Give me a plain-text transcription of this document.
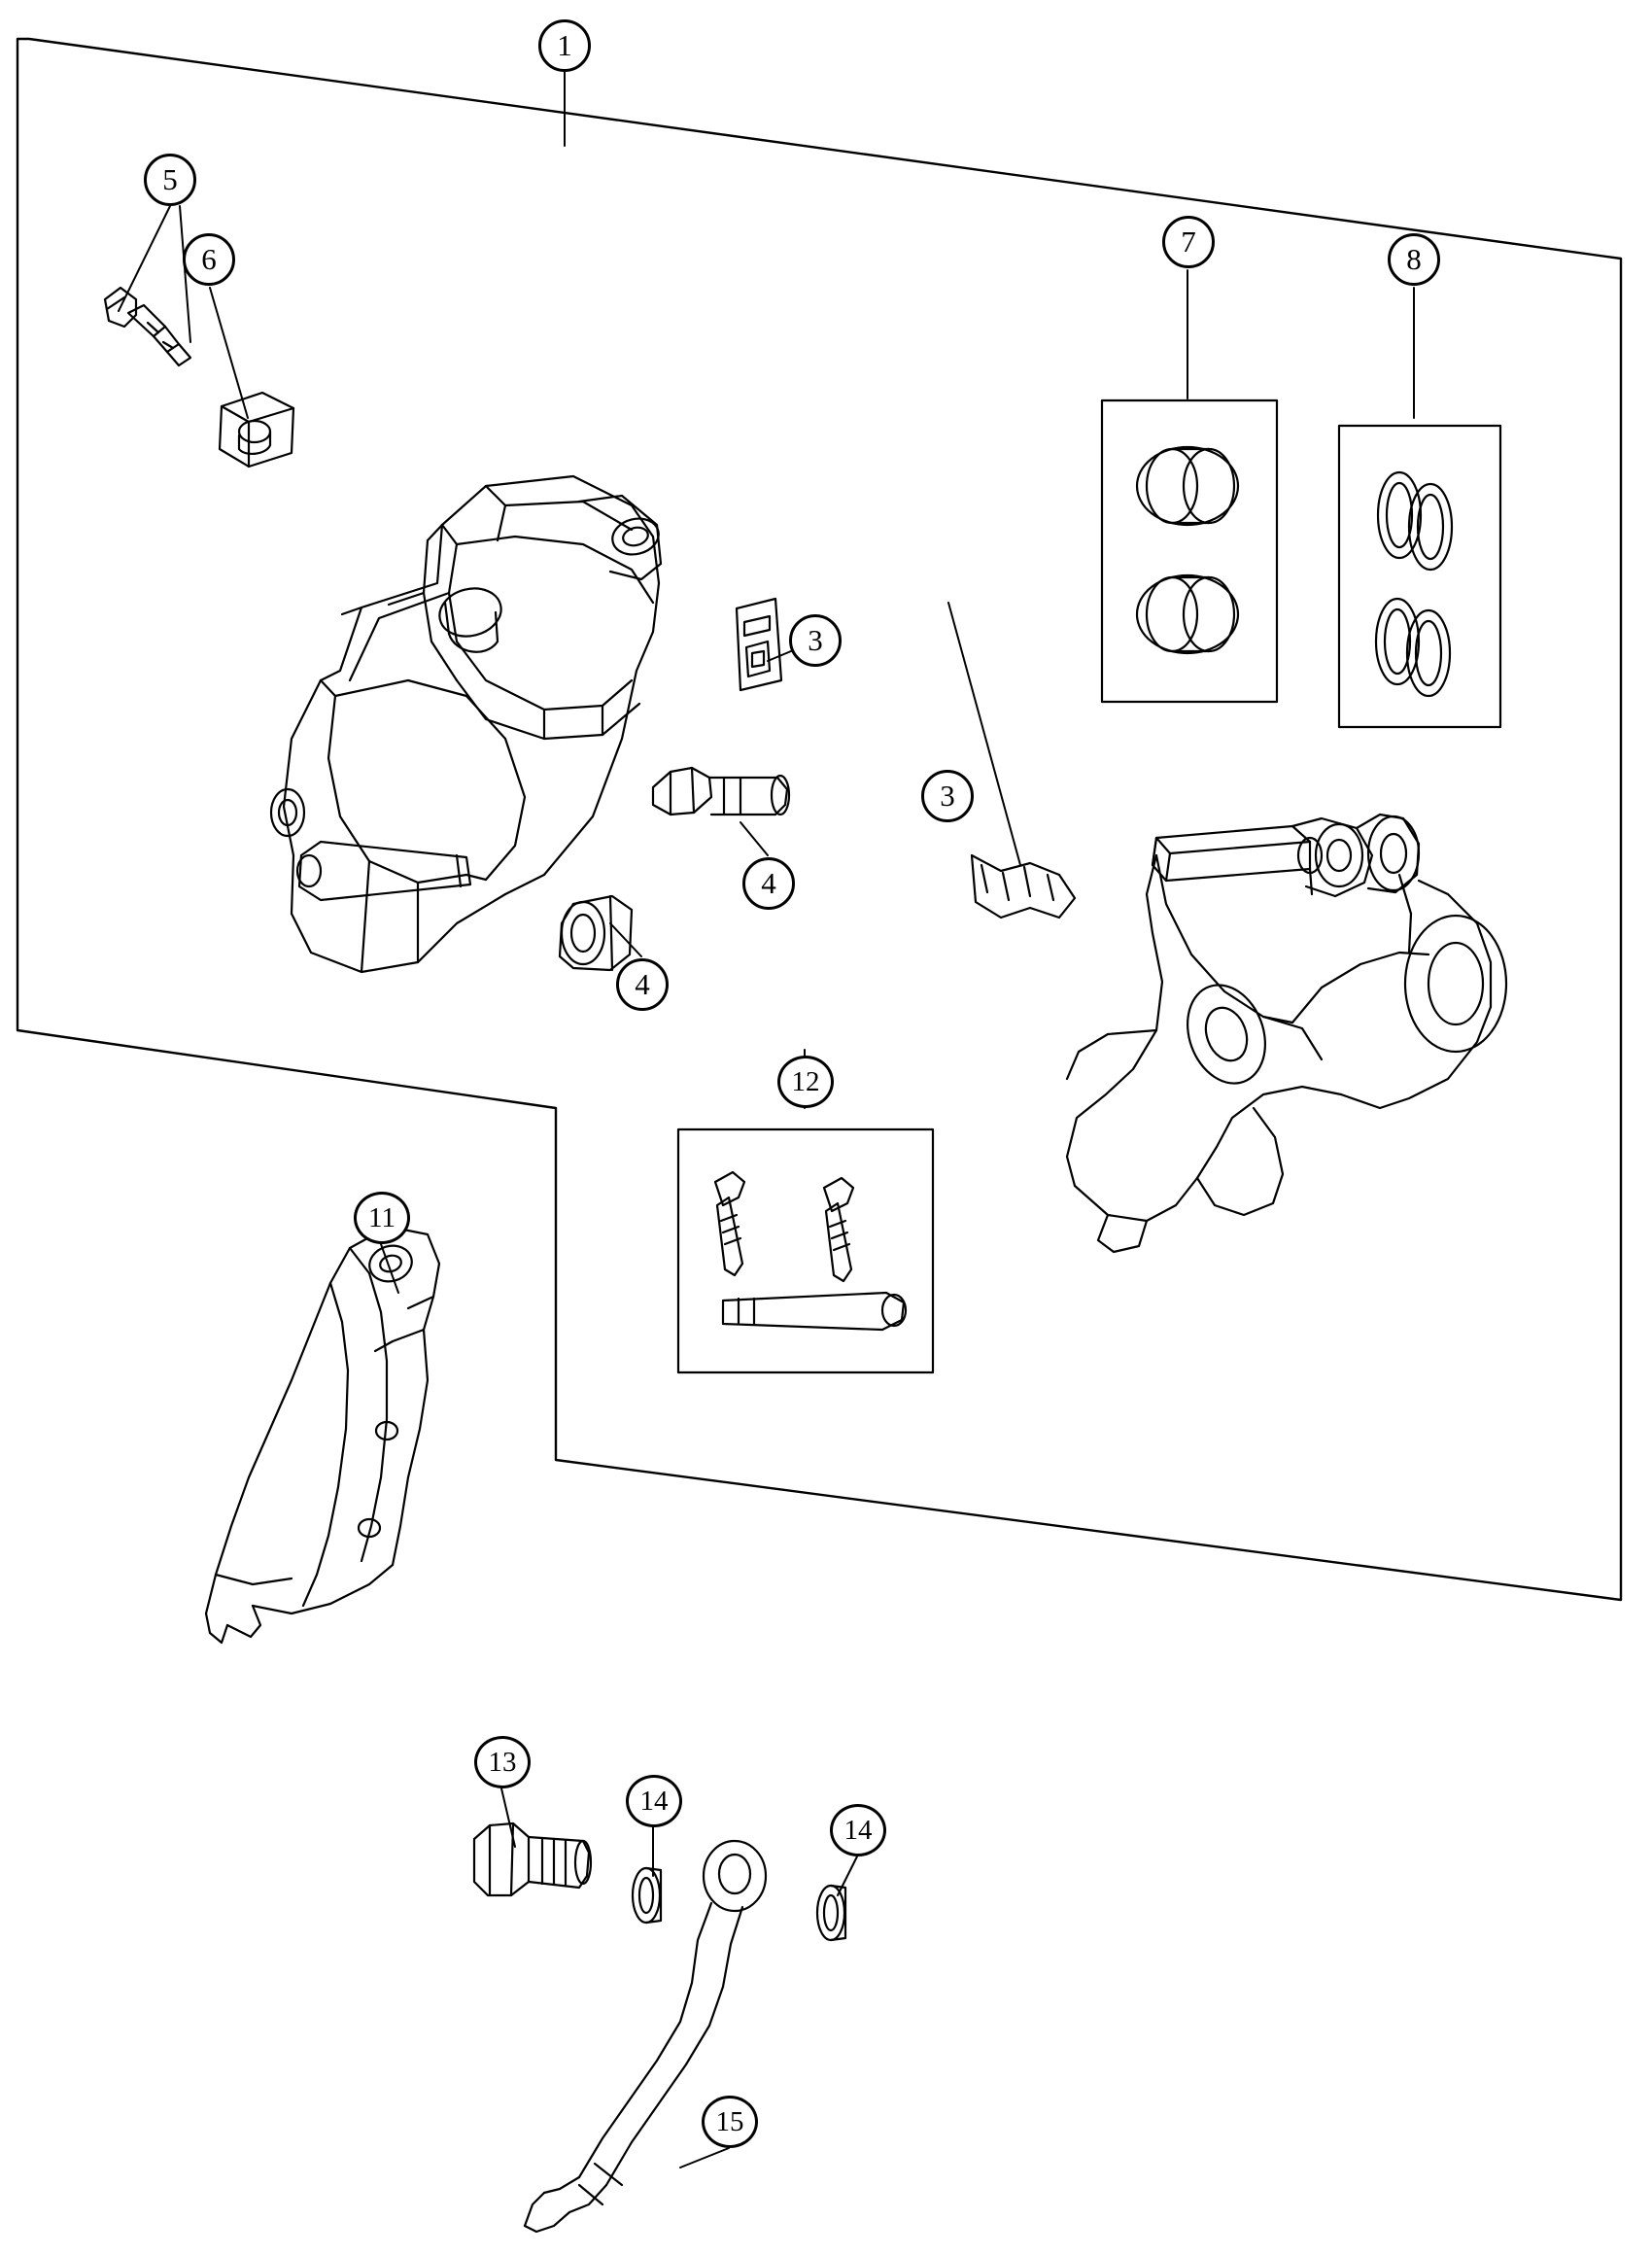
1
5
6
7
8
3
3
4
4
12
11
13
14
14
15
